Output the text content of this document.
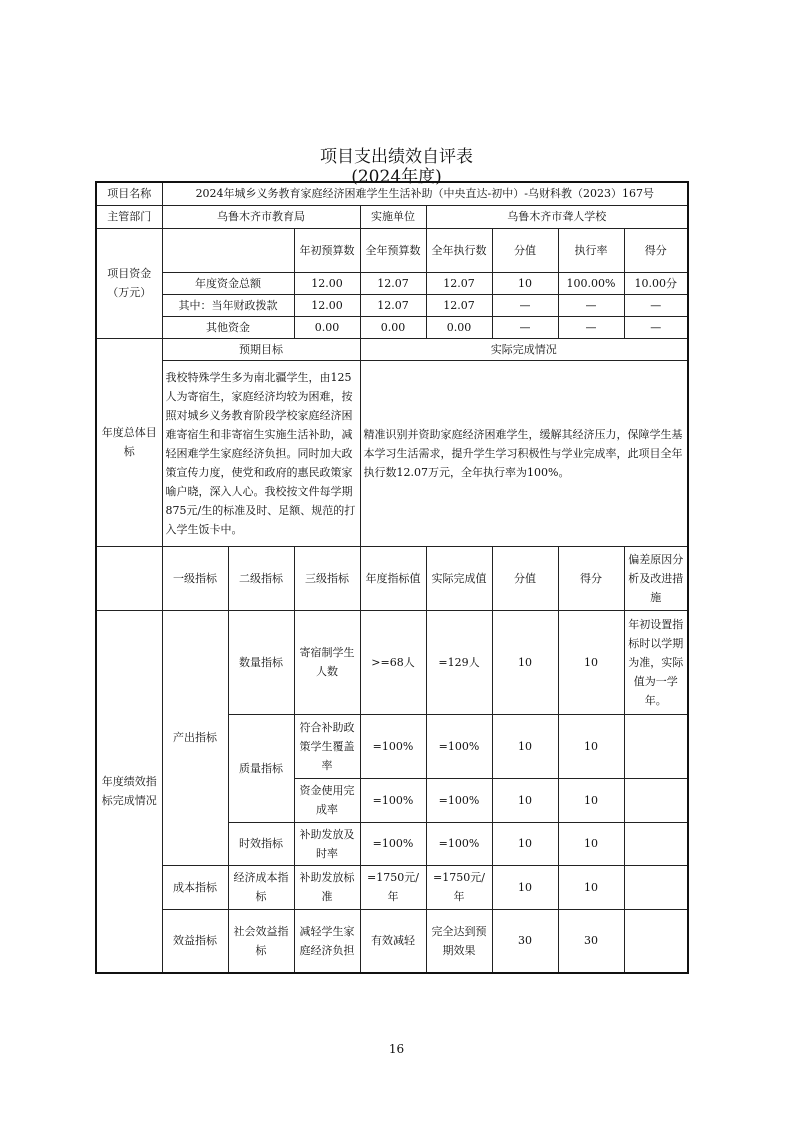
项目支出绩效自评表
(2024年度)
项目名称	2024年城乡义务教育家庭经济困难学生生活补助（中央直达-初中）-乌财科教（2023）167号							
主管部门	乌鲁木齐市教育局			实施单位	乌鲁木齐市聋人学校			
项目资金（万元）			年初预算数	全年预算数	全年执行数	分值	执行率	得分
	年度资金总额		12.00	12.07	12.07	10	100.00%	10.00分
	其中：当年财政拨款		12.00	12.07	12.07	—	—	—
	其他资金		0.00	0.00	0.00	—	—	—
年度总体目标	预期目标			实际完成情况				
	我校特殊学生多为南北疆学生，由125人为寄宿生，家庭经济均较为困难，按照对城乡义务教育阶段学校家庭经济困难寄宿生和非寄宿生实施生活补助，减轻困难学生家庭经济负担。同时加大政策宣传力度，使党和政府的惠民政策家喻户晓，深入人心。我校按文件每学期875元/生的标准及时、足额、规范的打入学生饭卡中。			精准识别并资助家庭经济困难学生，缓解其经济压力，保障学生基本学习生活需求，提升学生学习积极性与学业完成率，此项目全年执行数12.07万元，全年执行率为100%。				
	一级指标	二级指标	三级指标	年度指标值	实际完成值	分值	得分	偏差原因分析及改进措施
年度绩效指标完成情况	产出指标	数量指标	寄宿制学生人数	>=68人	=129人	10	10	年初设置指标时以学期为准，实际值为一学年。
		质量指标	符合补助政策学生覆盖率	=100%	=100%	10	10	
			资金使用完成率	=100%	=100%	10	10	
		时效指标	补助发放及时率	=100%	=100%	10	10	
	成本指标	经济成本指标	补助发放标准	=1750元/年	=1750元/年	10	10	
	效益指标	社会效益指标	减轻学生家庭经济负担	有效减轻	完全达到预期效果	30	30	
16
